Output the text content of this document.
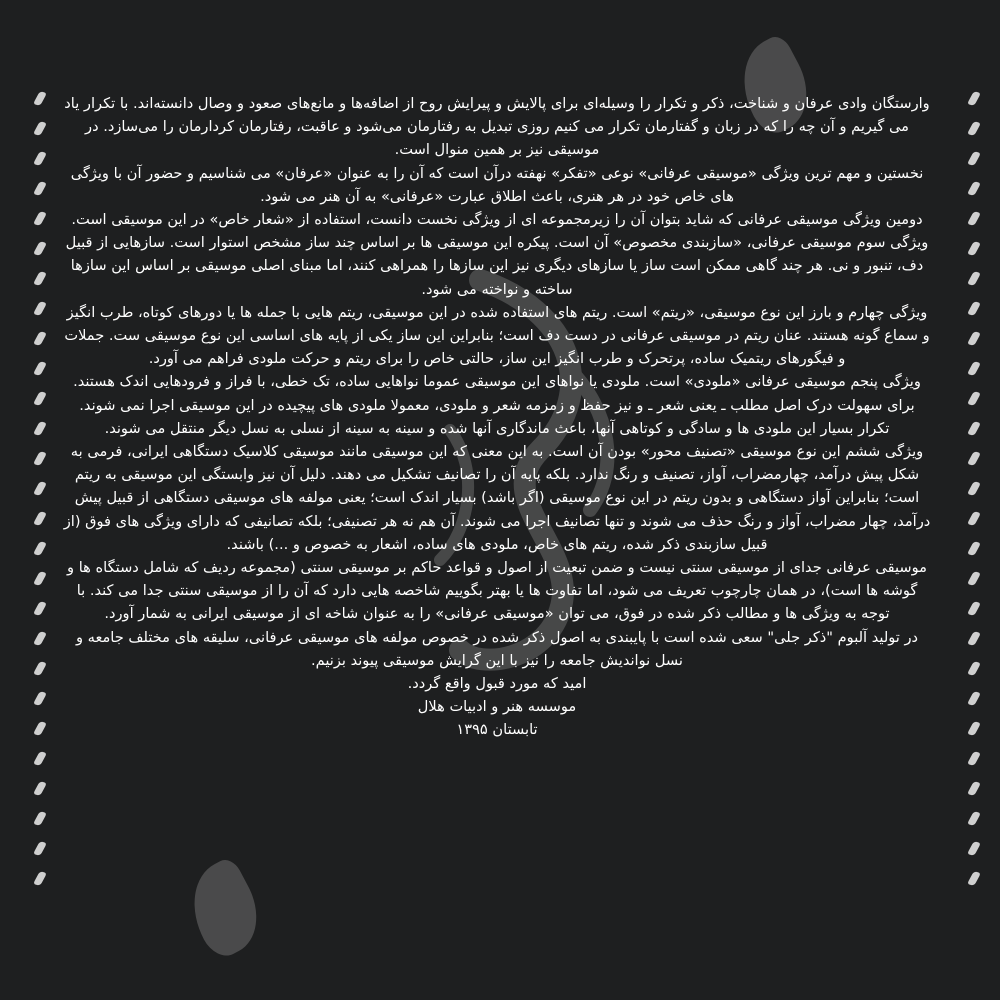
وارستگان وادی عرفان و شناخت، ذکر و تکرار را وسیله‌ای برای پالایش و پیرایش روح از اضافه‌ها و مانع‌های صعود و وصال دانسته‌اند. با تکرار یاد می گیریم و آن چه را که در زبان و گفتارمان تکرار می کنیم روزی تبدیل به رفتارمان می‌شود و عاقبت، رفتارمان کردارمان را می‌سازد. در موسیقی نیز بر همین منوال است.

نخستین و مهم ترین ویژگی «موسیقی عرفانی» نوعی «تفکر» نهفته درآن است که آن را به عنوان «عرفان» می شناسیم و حضور آن با ویژگی های خاص خود در هر هنری، باعث اطلاق عبارت «عرفانی» به آن هنر می شود.

دومین ویژگی موسیقی عرفانی که شاید بتوان آن را زیرمجموعه ای از ویژگی نخست دانست، استفاده از «شعار خاص» در این موسیقی است.

ویژگی سوم موسیقی عرفانی، «سازبندی مخصوص» آن است. پیکره این موسیقی ها بر اساس چند ساز مشخص استوار است. سازهایی از قبیل دف، تنبور و نی. هر چند گاهی ممکن است ساز یا سازهای دیگری نیز این سازها را همراهی کنند، اما مبنای اصلی موسیقی بر اساس این سازها ساخته و نواخته می شود.

ویژگی چهارم و بارز این نوع موسیقی، «ریتم» است. ریتم های استفاده شده در این موسیقی، ریتم هایی با جمله ها یا دورهای کوتاه، طرب انگیز و سماع گونه هستند. عنان ریتم در موسیقی عرفانی در دست دف است؛ بنابراین این ساز یکی از پایه های اساسی این نوع موسیقی ست. جملات و فیگورهای ریتمیک ساده، پرتحرک و طرب انگیز این ساز، حالتی خاص را برای ریتم و حرکت ملودی فراهم می آورد.

ویژگی پنجم موسیقی عرفانی «ملودی» است. ملودی یا نواهای این موسیقی عموما نواهایی ساده، تک خطی، با فراز و فرودهایی اندک هستند. برای سهولت درک اصل مطلب ـ یعنی شعر ـ و نیز حفظ و زمزمه شعر و ملودی، معمولا ملودی های پیچیده در این موسیقی اجرا نمی شوند. تکرار بسیار این ملودی ها و سادگی و کوتاهی آنها، باعث ماندگاری آنها شده و سینه به سینه از نسلی به نسل دیگر منتقل می شوند.

ویژگی ششم این نوع موسیقی «تصنیف محور» بودن آن است. به این معنی که این موسیقی مانند موسیقی کلاسیک دستگاهی ایرانی، فرمی به شکل پیش درآمد، چهارمضراب، آواز، تصنیف و رنگ ندارد. بلکه پایه آن را تصانیف تشکیل می دهند. دلیل آن نیز وابستگی این موسیقی به ریتم است؛ بنابراین آواز دستگاهی و بدون ریتم در این نوع موسیقی (اگر باشد) بسیار اندک است؛ یعنی مولفه های موسیقی دستگاهی از قبیل پیش درآمد، چهار مضراب، آواز و رنگ حذف می شوند و تنها تصانیف اجرا می شوند. آن هم نه هر تصنیفی؛ بلکه تصانیفی که دارای ویژگی های فوق (از قبیل سازبندی ذکر شده، ریتم های خاص، ملودی های ساده، اشعار به خصوص و ...) باشند.

موسیقی عرفانی جدای از موسیقی سنتی نیست و ضمن تبعیت از اصول و قواعد حاکم بر موسیقی سنتی (مجموعه ردیف که شامل دستگاه ها و گوشه ها است)، در همان چارچوب تعریف می شود، اما تفاوت ها یا بهتر بگوییم شاخصه هایی دارد که آن را از موسیقی سنتی جدا می کند. با توجه به ویژگی ها و مطالب ذکر شده در فوق، می توان «موسیقی عرفانی» را به عنوان شاخه ای از موسیقی ایرانی به شمار آورد.

در تولید آلبوم "ذکر جلی" سعی شده است با پایبندی به اصول ذکر شده در خصوص مولفه های موسیقی عرفانی، سلیقه های مختلف جامعه و نسل نواندیش جامعه را نیز با این گرایش موسیقی پیوند بزنیم.

امید که مورد قبول واقع گردد.

موسسه هنر و ادبیات هلال

تابستان ۱۳۹۵
